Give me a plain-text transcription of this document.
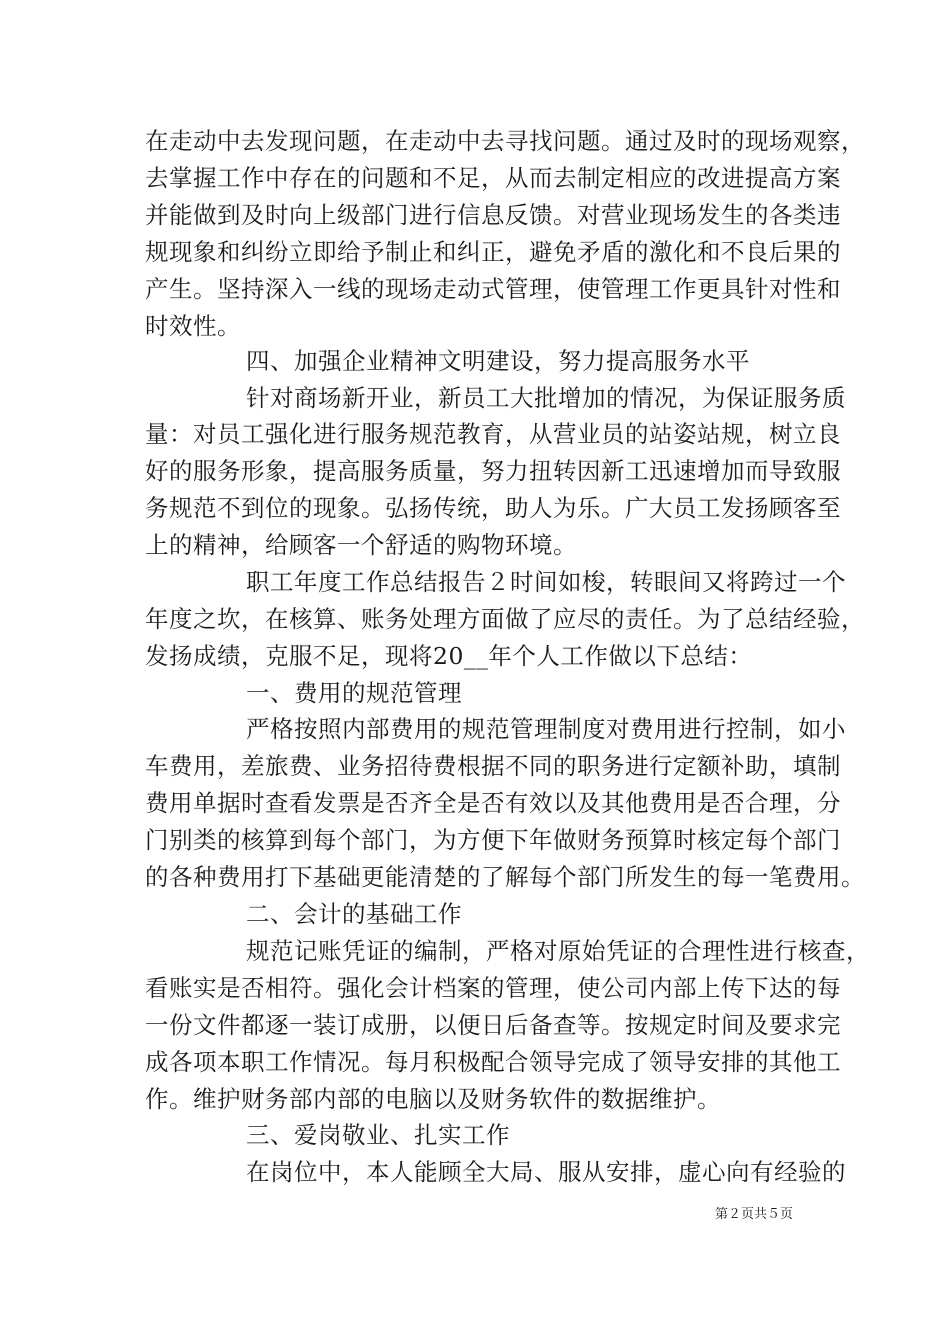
在走动中去发现问题，在走动中去寻找问题。通过及时的现场观察，
去掌握工作中存在的问题和不足，从而去制定相应的改进提高方案
并能做到及时向上级部门进行信息反馈。对营业现场发生的各类违
规现象和纠纷立即给予制止和纠正，避免矛盾的激化和不良后果的
产生。坚持深入一线的现场走动式管理，使管理工作更具针对性和
时效性。
四、加强企业精神文明建设，努力提高服务水平
针对商场新开业，新员工大批增加的情况，为保证服务质
量：对员工强化进行服务规范教育，从营业员的站姿站规，树立良
好的服务形象，提高服务质量，努力扭转因新工迅速增加而导致服
务规范不到位的现象。弘扬传统，助人为乐。广大员工发扬顾客至
上的精神，给顾客一个舒适的购物环境。
职工年度工作总结报告２时间如梭，转眼间又将跨过一个
年度之坎，在核算、账务处理方面做了应尽的责任。为了总结经验，
发扬成绩，克服不足，现将20__年个人工作做以下总结：
一、费用的规范管理
严格按照内部费用的规范管理制度对费用进行控制，如小
车费用，差旅费、业务招待费根据不同的职务进行定额补助，填制
费用单据时查看发票是否齐全是否有效以及其他费用是否合理，分
门别类的核算到每个部门，为方便下年做财务预算时核定每个部门
的各种费用打下基础更能清楚的了解每个部门所发生的每一笔费用。
二、会计的基础工作
规范记账凭证的编制，严格对原始凭证的合理性进行核查，
看账实是否相符。强化会计档案的管理，使公司内部上传下达的每
一份文件都逐一装订成册，以便日后备查等。按规定时间及要求完
成各项本职工作情况。每月积极配合领导完成了领导安排的其他工
作。维护财务部内部的电脑以及财务软件的数据维护。
三、爱岗敬业、扎实工作
在岗位中，本人能顾全大局、服从安排，虚心向有经验的
第２页共５页
